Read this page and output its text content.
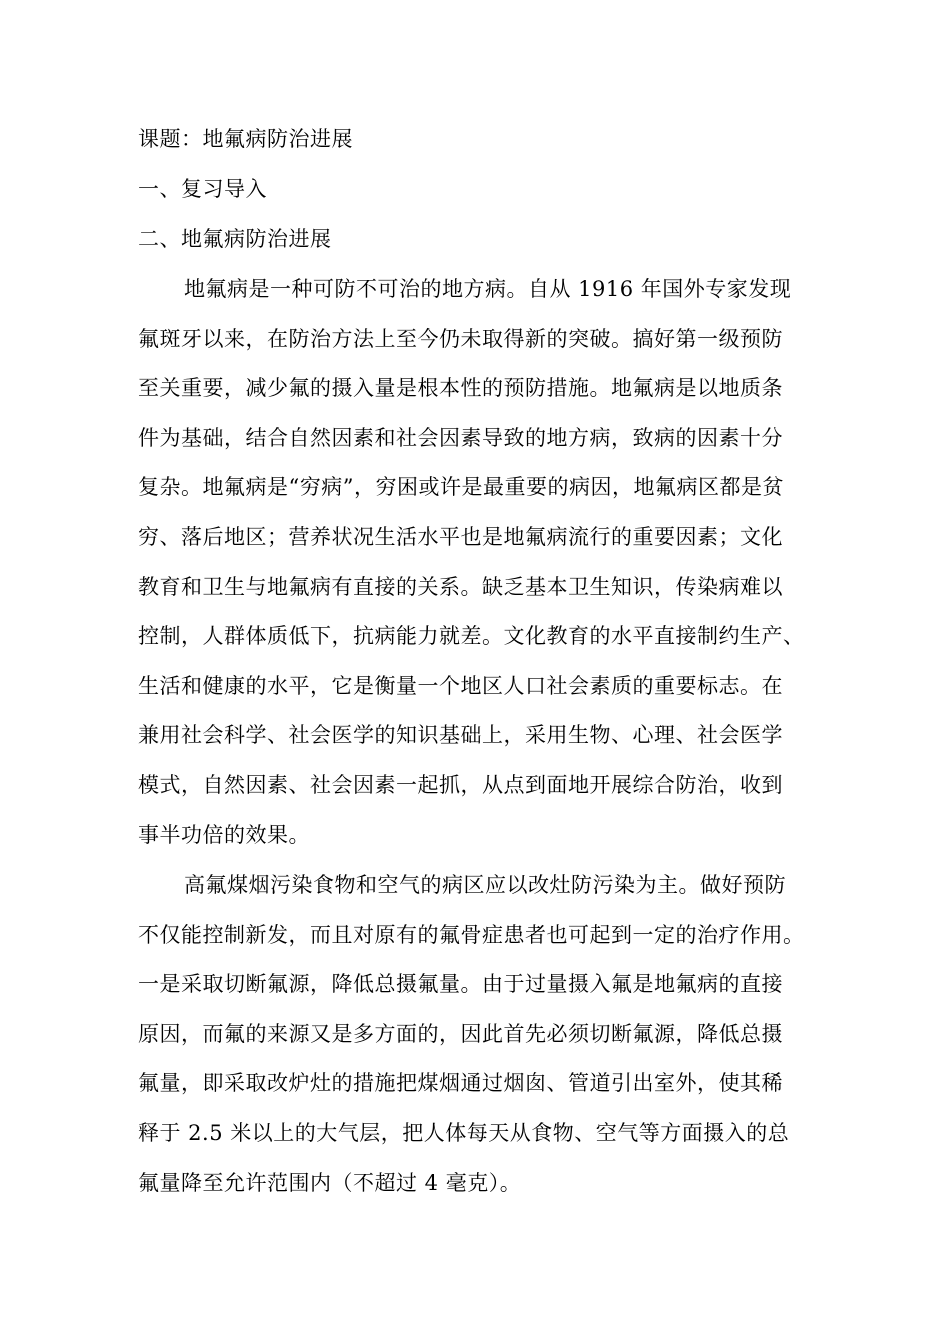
课题：地氟病防治进展
一、复习导入
二、地氟病防治进展
地氟病是一种可防不可治的地方病。自从 1916 年国外专家发现
氟斑牙以来，在防治方法上至今仍未取得新的突破。搞好第一级预防
至关重要，减少氟的摄入量是根本性的预防措施。地氟病是以地质条
件为基础，结合自然因素和社会因素导致的地方病，致病的因素十分
复杂。地氟病是“穷病”，穷困或许是最重要的病因，地氟病区都是贫
穷、落后地区；营养状况生活水平也是地氟病流行的重要因素；文化
教育和卫生与地氟病有直接的关系。缺乏基本卫生知识，传染病难以
控制，人群体质低下，抗病能力就差。文化教育的水平直接制约生产、
生活和健康的水平，它是衡量一个地区人口社会素质的重要标志。在
兼用社会科学、社会医学的知识基础上，采用生物、心理、社会医学
模式，自然因素、社会因素一起抓，从点到面地开展综合防治，收到
事半功倍的效果。
高氟煤烟污染食物和空气的病区应以改灶防污染为主。做好预防
不仅能控制新发，而且对原有的氟骨症患者也可起到一定的治疗作用。
一是采取切断氟源，降低总摄氟量。由于过量摄入氟是地氟病的直接
原因，而氟的来源又是多方面的，因此首先必须切断氟源，降低总摄
氟量，即采取改炉灶的措施把煤烟通过烟囱、管道引出室外，使其稀
释于 2.5 米以上的大气层，把人体每天从食物、空气等方面摄入的总
氟量降至允许范围内（不超过 4 毫克）。
